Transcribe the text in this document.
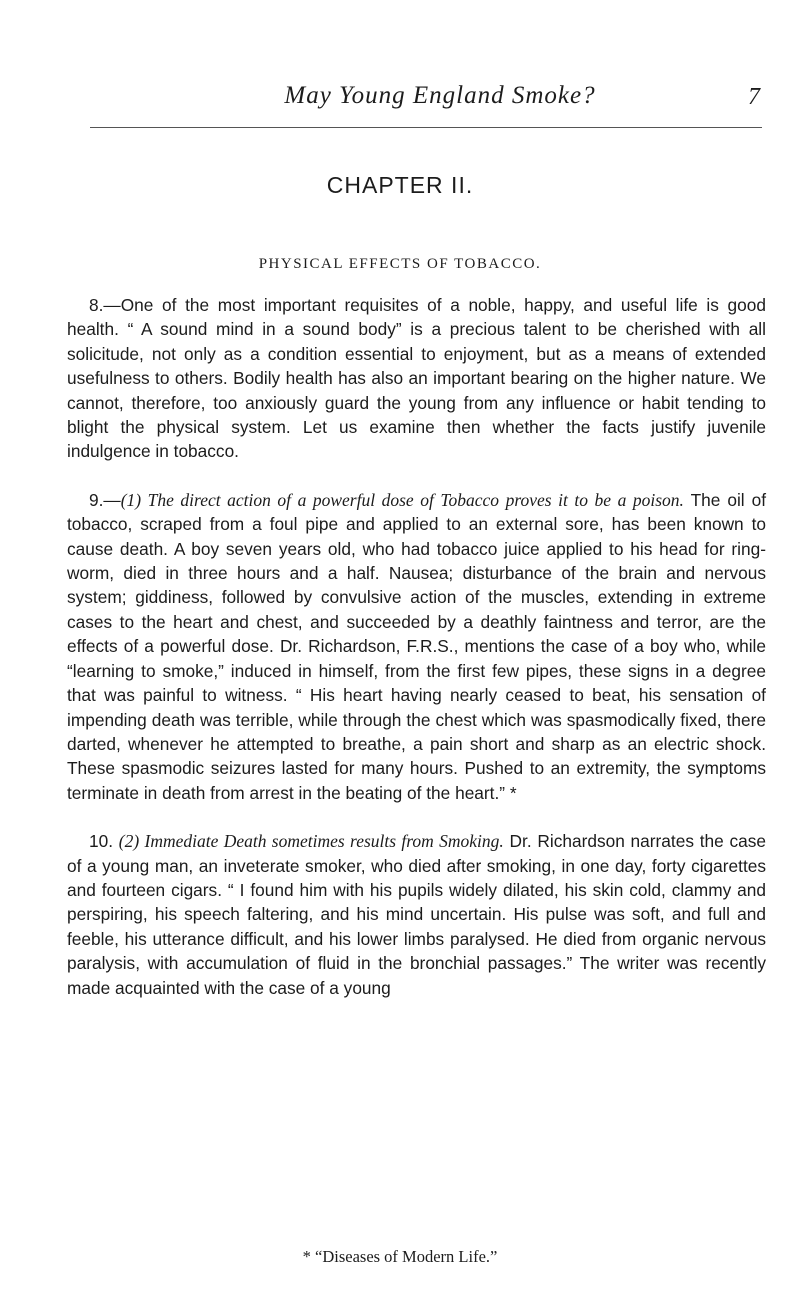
May Young England Smoke?	7
CHAPTER II.
PHYSICAL EFFECTS OF TOBACCO.

8.—One of the most important requisites of a noble, happy, and useful life is good health. “ A sound mind in a sound body” is a precious talent to be cherished with all solicitude, not only as a condition essential to enjoyment, but as a means of extended usefulness to others. Bodily health has also an important bearing on the higher nature. We cannot, therefore, too anxiously guard the young from any influence or habit tending to blight the physical system. Let us examine then whether the facts justify juvenile indulgence in tobacco.

9.—(1) The direct action of a powerful dose of Tobacco proves it to be a poison. The oil of tobacco, scraped from a foul pipe and applied to an external sore, has been known to cause death. A boy seven years old, who had tobacco juice applied to his head for ring-worm, died in three hours and a half. Nausea; disturbance of the brain and nervous system; giddiness, followed by convulsive action of the muscles, extending in extreme cases to the heart and chest, and succeeded by a deathly faintness and terror, are the effects of a powerful dose. Dr. Richardson, F.R.S., mentions the case of a boy who, while “learning to smoke,” induced in himself, from the first few pipes, these signs in a degree that was painful to witness. “ His heart having nearly ceased to beat, his sensation of impending death was terrible, while through the chest which was spasmodically fixed, there darted, whenever he attempted to breathe, a pain short and sharp as an electric shock. These spasmodic seizures lasted for many hours. Pushed to an extremity, the symptoms terminate in death from arrest in the beating of the heart.” *

10. (2) Immediate Death sometimes results from Smoking. Dr. Richardson narrates the case of a young man, an inveterate smoker, who died after smoking, in one day, forty cigarettes and fourteen cigars. “ I found him with his pupils widely dilated, his skin cold, clammy and perspiring, his speech faltering, and his mind uncertain. His pulse was soft, and full and feeble, his utterance difficult, and his lower limbs paralysed. He died from organic nervous paralysis, with accumulation of fluid in the bronchial passages.” The writer was recently made acquainted with the case of a young

* “Diseases of Modern Life.”
